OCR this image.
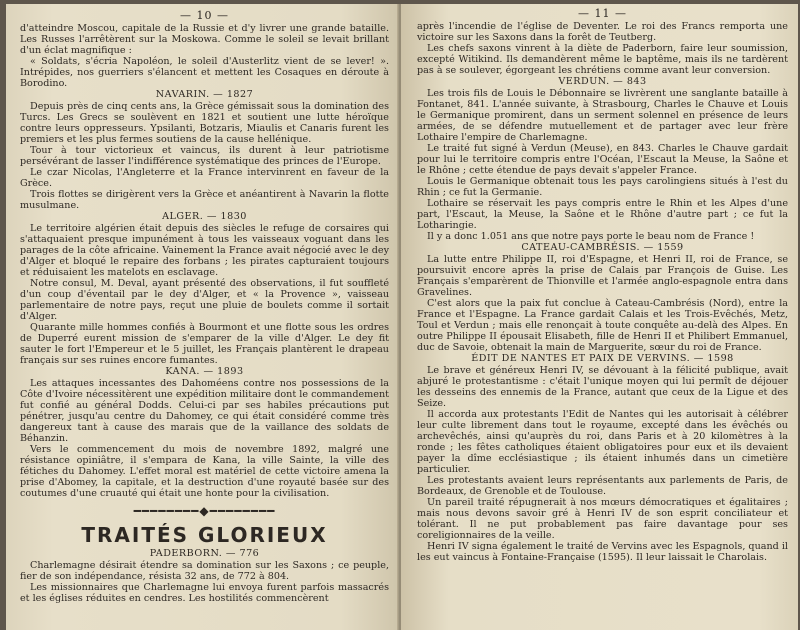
— 10 —

d'atteindre Moscou, capitale de la Russie et d'y livrer une grande bataille. Les Russes l'arrêtèrent sur la Moskowa. Comme le soleil se levait brillant d'un éclat magnifique :

« Soldats, s'écria Napoléon, le soleil d'Austerlitz vient de se lever! ». Intrépides, nos guerriers s'élancent et mettent les Cosaques en déroute à Borodino.

NAVARIN. — 1827

Depuis près de cinq cents ans, la Grèce gémissait sous la domination des Turcs. Les Grecs se soulèvent en 1821 et soutient une lutte héroïque contre leurs oppresseurs. Ypsilanti, Botzaris, Miaulis et Canaris furent les premiers et les plus fermes soutiens de la cause hellénique.

Tour à tour victorieux et vaincus, ils durent à leur patriotisme persévérant de lasser l'indifférence systématique des princes de l'Europe.

Le czar Nicolas, l'Angleterre et la France intervinrent en faveur de la Grèce.

Trois flottes se dirigèrent vers la Grèce et anéantirent à Navarin la flotte musulmane.

ALGER. — 1830

Le territoire algérien était depuis des siècles le refuge de corsaires qui s'attaquaient presque impunément à tous les vaisseaux voguant dans les parages de la côte africaine. Vainement la France avait négocié avec le dey d'Alger et bloqué le repaire des forbans ; les pirates capturaient toujours et réduisaient les matelots en esclavage.

Notre consul, M. Deval, ayant présenté des observations, il fut souffleté d'un coup d'éventail par le dey d'Alger, et « la Provence », vaisseau parlementaire de notre pays, reçut une pluie de boulets comme il sortait d'Alger.

Quarante mille hommes confiés à Bourmont et une flotte sous les ordres de Duperré eurent mission de s'emparer de la ville d'Alger. Le dey fit sauter le fort l'Empereur et le 5 juillet, les Français plantèrent le drapeau français sur ses ruines encore fumantes.

KANA. — 1893

Les attaques incessantes des Dahoméens contre nos possessions de la Côte d'Ivoire nécessitèrent une expédition militaire dont le commandement fut confié au général Dodds. Celui-ci par ses habiles précautions put pénétrer, jusqu'au centre du Dahomey, ce qui était considéré comme très dangereux tant à cause des marais que de la vaillance des soldats de Béhanzin.

Vers le commencement du mois de novembre 1892, malgré une résistance opiniâtre, il s'empara de Kana, la ville Sainte, la ville des fétiches du Dahomey. L'effet moral est matériel de cette victoire amena la prise d'Abomey, la capitale, et la destruction d'une royauté basée sur des coutumes d'une cruauté qui était une honte pour la civilisation.

━━━━━━━━◆━━━━━━━━
TRAITÉS GLORIEUX
PADERBORN. — 776

Charlemagne désirait étendre sa domination sur les Saxons ; ce peuple, fier de son indépendance, résista 32 ans, de 772 à 804.

Les missionnaires que Charlemagne lui envoya furent parfois massacrés et les églises réduites en cendres. Les hostilités commencèrent

— 11 —

après l'incendie de l'église de Deventer. Le roi des Francs remporta une victoire sur les Saxons dans la forêt de Teutberg.

Les chefs saxons vinrent à la diète de Paderborn, faire leur soumission, excepté Witikind. Ils demandèrent même le baptême, mais ils ne tardèrent pas à se soulever, égorgeant les chrétiens comme avant leur conversion.

VERDUN. — 843

Les trois fils de Louis le Débonnaire se livrèrent une sanglante bataille à Fontanet, 841. L'année suivante, à Strasbourg, Charles le Chauve et Louis le Germanique promirent, dans un serment solennel en présence de leurs armées, de se défendre mutuellement et de partager avec leur frère Lothaire l'empire de Charlemagne.

Le traité fut signé à Verdun (Meuse), en 843. Charles le Chauve gardait pour lui le territoire compris entre l'Océan, l'Escaut la Meuse, la Saône et le Rhône ; cette étendue de pays devait s'appeler France.

Louis le Germanique obtenait tous les pays carolingiens situés à l'est du Rhin ; ce fut la Germanie.

Lothaire se réservait les pays compris entre le Rhin et les Alpes d'une part, l'Escaut, la Meuse, la Saône et le Rhône d'autre part ; ce fut la Lotharingie.

Il y a donc 1.051 ans que notre pays porte le beau nom de France !

CATEAU-CAMBRÉSIS. — 1559

La lutte entre Philippe II, roi d'Espagne, et Henri II, roi de France, se poursuivit encore après la prise de Calais par François de Guise. Les Français s'emparèrent de Thionville et l'armée anglo-espagnole entra dans Gravelines.

C'est alors que la paix fut conclue à Cateau-Cambrésis (Nord), entre la France et l'Espagne. La France gardait Calais et les Trois-Evêchés, Metz, Toul et Verdun ; mais elle renonçait à toute conquête au-delà des Alpes. En outre Philippe II épousait Elisabeth, fille de Henri II et Philibert Emmanuel, duc de Savoie, obtenait la main de Marguerite, sœur du roi de France.

ÉDIT DE NANTES ET PAIX DE VERVINS. — 1598

Le brave et généreux Henri IV, se dévouant à la félicité publique, avait abjuré le protestantisme : c'était l'unique moyen qui lui permît de déjouer les desseins des ennemis de la France, autant que ceux de la Ligue et des Seize.

Il accorda aux protestants l'Edit de Nantes qui les autorisait à célébrer leur culte librement dans tout le royaume, excepté dans les évêchés ou archevêchés, ainsi qu'auprès du roi, dans Paris et à 20 kilomètres à la ronde ; les fêtes catholiques étaient obligatoires pour eux et ils devaient payer la dîme ecclésiastique ; ils étaient inhumés dans un cimetière particulier.

Les protestants avaient leurs représentants aux parlements de Paris, de Bordeaux, de Grenoble et de Toulouse.

Un pareil traité répugnerait à nos mœurs démocratiques et égalitaires ; mais nous devons savoir gré à Henri IV de son esprit conciliateur et tolérant. Il ne put probablement pas faire davantage pour ses coreligionnaires de la veille.

Henri IV signa également le traité de Vervins avec les Espagnols, quand il les eut vaincus à Fontaine-Française (1595). Il leur laissait le Charolais.
